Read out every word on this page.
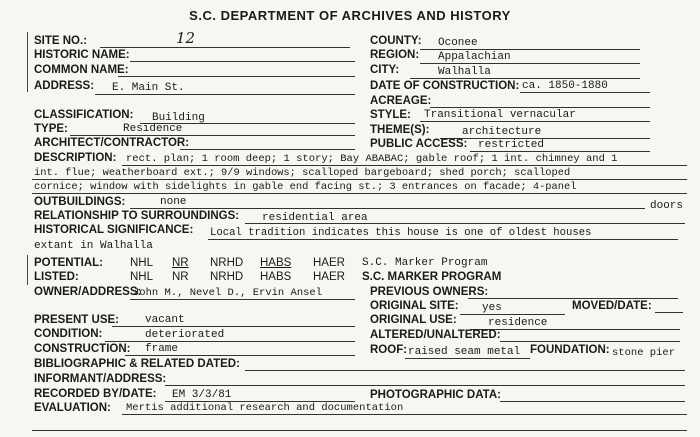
S.C. DEPARTMENT OF ARCHIVES AND HISTORY
SITE NO.:	12	COUNTY: Oconee
HISTORIC NAME:	REGION: Appalachian
COMMON NAME:	CITY:	Walhalla
ADDRESS: E. Main St.	DATE OF CONSTRUCTION: ca. 1850-1880
ACREAGE:
CLASSIFICATION: Building	STYLE: Transitional vernacular
TYPE:	Residence	THEME(S):	architecture
ARCHITECT/CONTRACTOR:	PUBLIC ACCESS: restricted
DESCRIPTION: rect. plan; 1 room deep; 1 story; Bay ABABAC; gable roof; 1 int. chimney and 1
int. flue; weatherboard ext.; 9/9 windows; scalloped bargeboard; shed porch; scalloped
cornice; window with sidelights in gable end facing st.; 3 entrances on facade; 4-panel
OUTBUILDINGS:	none	doors
RELATIONSHIP TO SURROUNDINGS: residential area
HISTORICAL SIGNIFICANCE: Local tradition indicates this house is one of oldest houses
extant in Walhalla
POTENTIAL: NHL NR NRHD HABS HAER S.C. Marker Program
LISTED:	NHL NR NRHD HABS HAER S.C. MARKER PROGRAM
OWNER/ADDRESS:
John M., Nevel D., Ervin Ansel	PREVIOUS OWNERS:
ORIGINAL SITE: yes	MOVED/DATE:
PRESENT USE: vacant	ORIGINAL USE:	residence
CONDITION:	deteriorated	ALTERED/UNALTERED:
CONSTRUCTION: frame	ROOF: raised seam metal FOUNDATION: stone pier
BIBLIOGRAPHIC & RELATED DATED:
INFORMANT/ADDRESS:
RECORDED BY/DATE: EM 3/3/81	PHOTOGRAPHIC DATA:
EVALUATION: Mertis additional research and documentation
